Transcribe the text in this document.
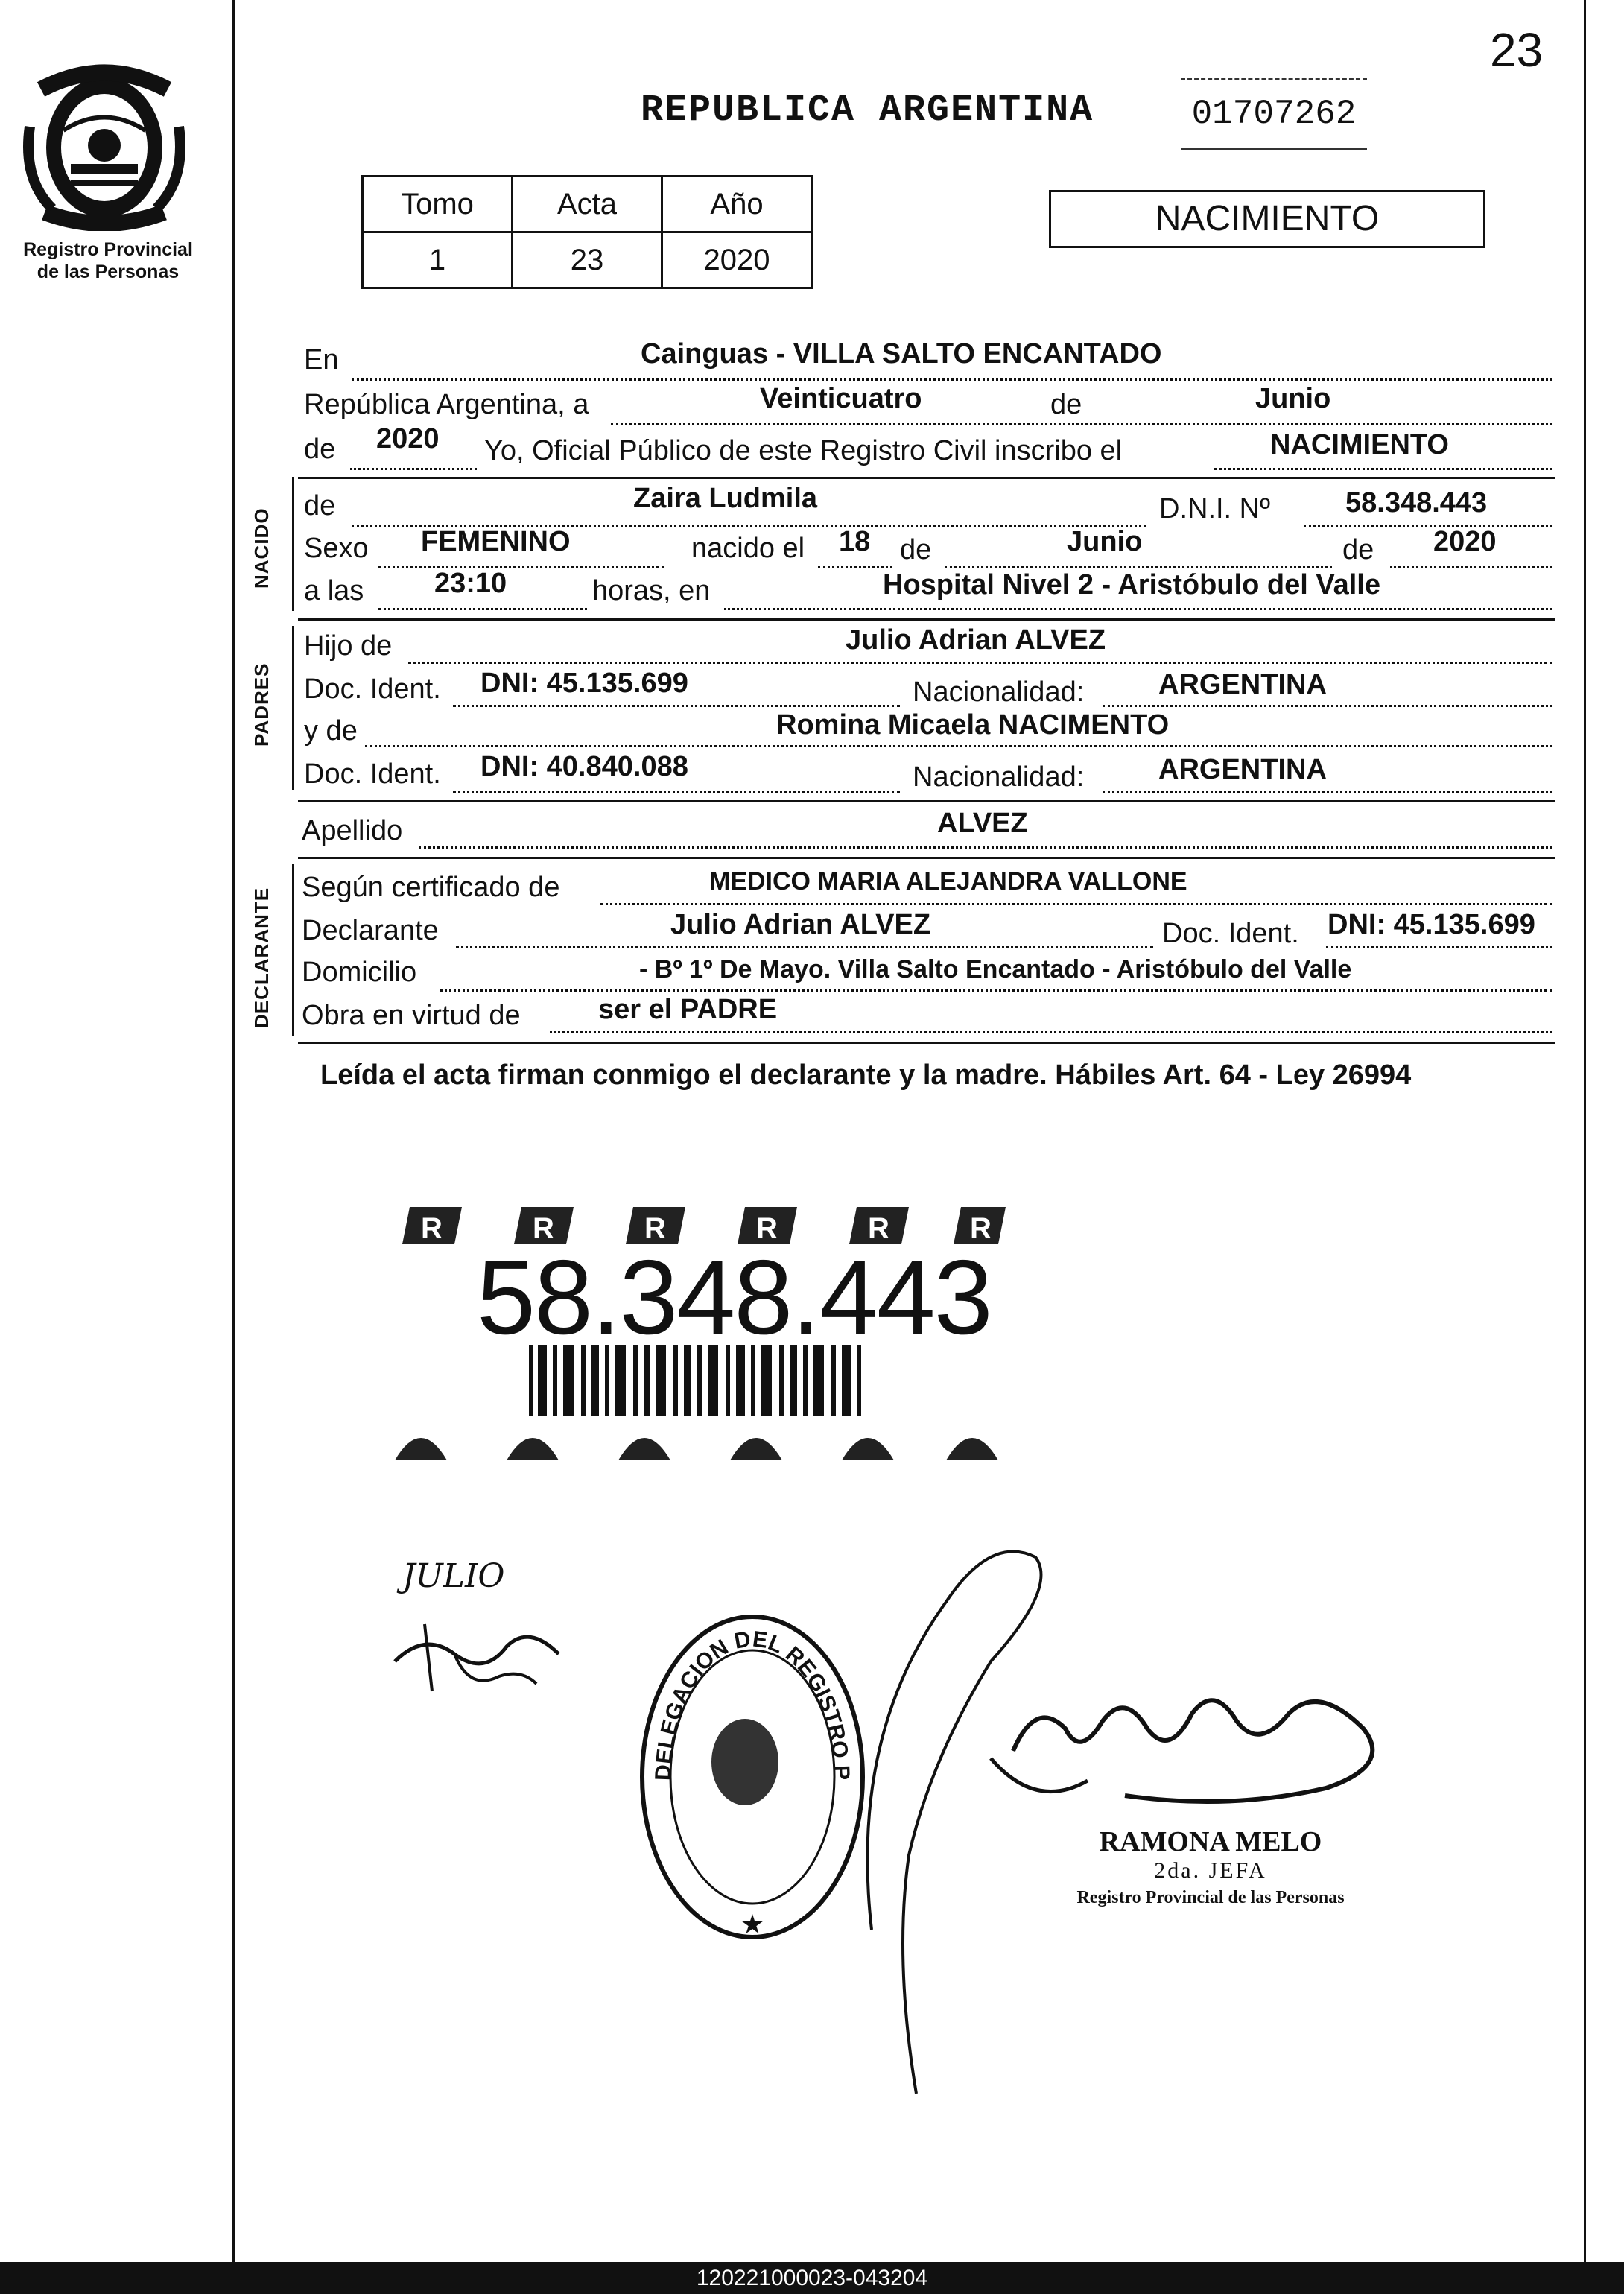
23
Registro Provincial
de las Personas
REPUBLICA ARGENTINA	01707262
Tomo	Acta	Año
1	23	2020
NACIMIENTO
En	Cainguas - VILLA SALTO ENCANTADO
República Argentina, a	Veinticuatro	de	Junio
de 2020 Yo, Oficial Público de este Registro Civil inscribo el	NACIMIENTO
NACIDO
de	Zaira Ludmila	D.N.I. Nº	58.348.443
Sexo FEMENINO	nacido el 18 de	Junio	de 2020
a las 23:10	horas, en	Hospital Nivel 2 - Aristóbulo del Valle
PADRES
Hijo de	Julio Adrian ALVEZ
Doc. Ident. DNI: 45.135.699	Nacionalidad:	ARGENTINA
y de	Romina Micaela NACIMENTO
Doc. Ident. DNI: 40.840.088	Nacionalidad:	ARGENTINA
Apellido	ALVEZ
DECLARANTE Según certificado de	MEDICO MARIA ALEJANDRA VALLONE
Declarante	Julio Adrian ALVEZ	Doc. Ident. DNI: 45.135.699
Domicilio	- Bº 1º De Mayo. Villa Salto Encantado - Aristóbulo del Valle
Obra en virtud de	ser el PADRE
Leída el acta firman conmigo el declarante y la madre. Hábiles Art. 64 - Ley 26994
R	R	R	R	R	R
58.348.443
JULIO
DELEGACION DEL REGISTRO P
★
RAMONA MELO
2da. JEFA
Registro Provincial de las Personas
120221000023-043204
